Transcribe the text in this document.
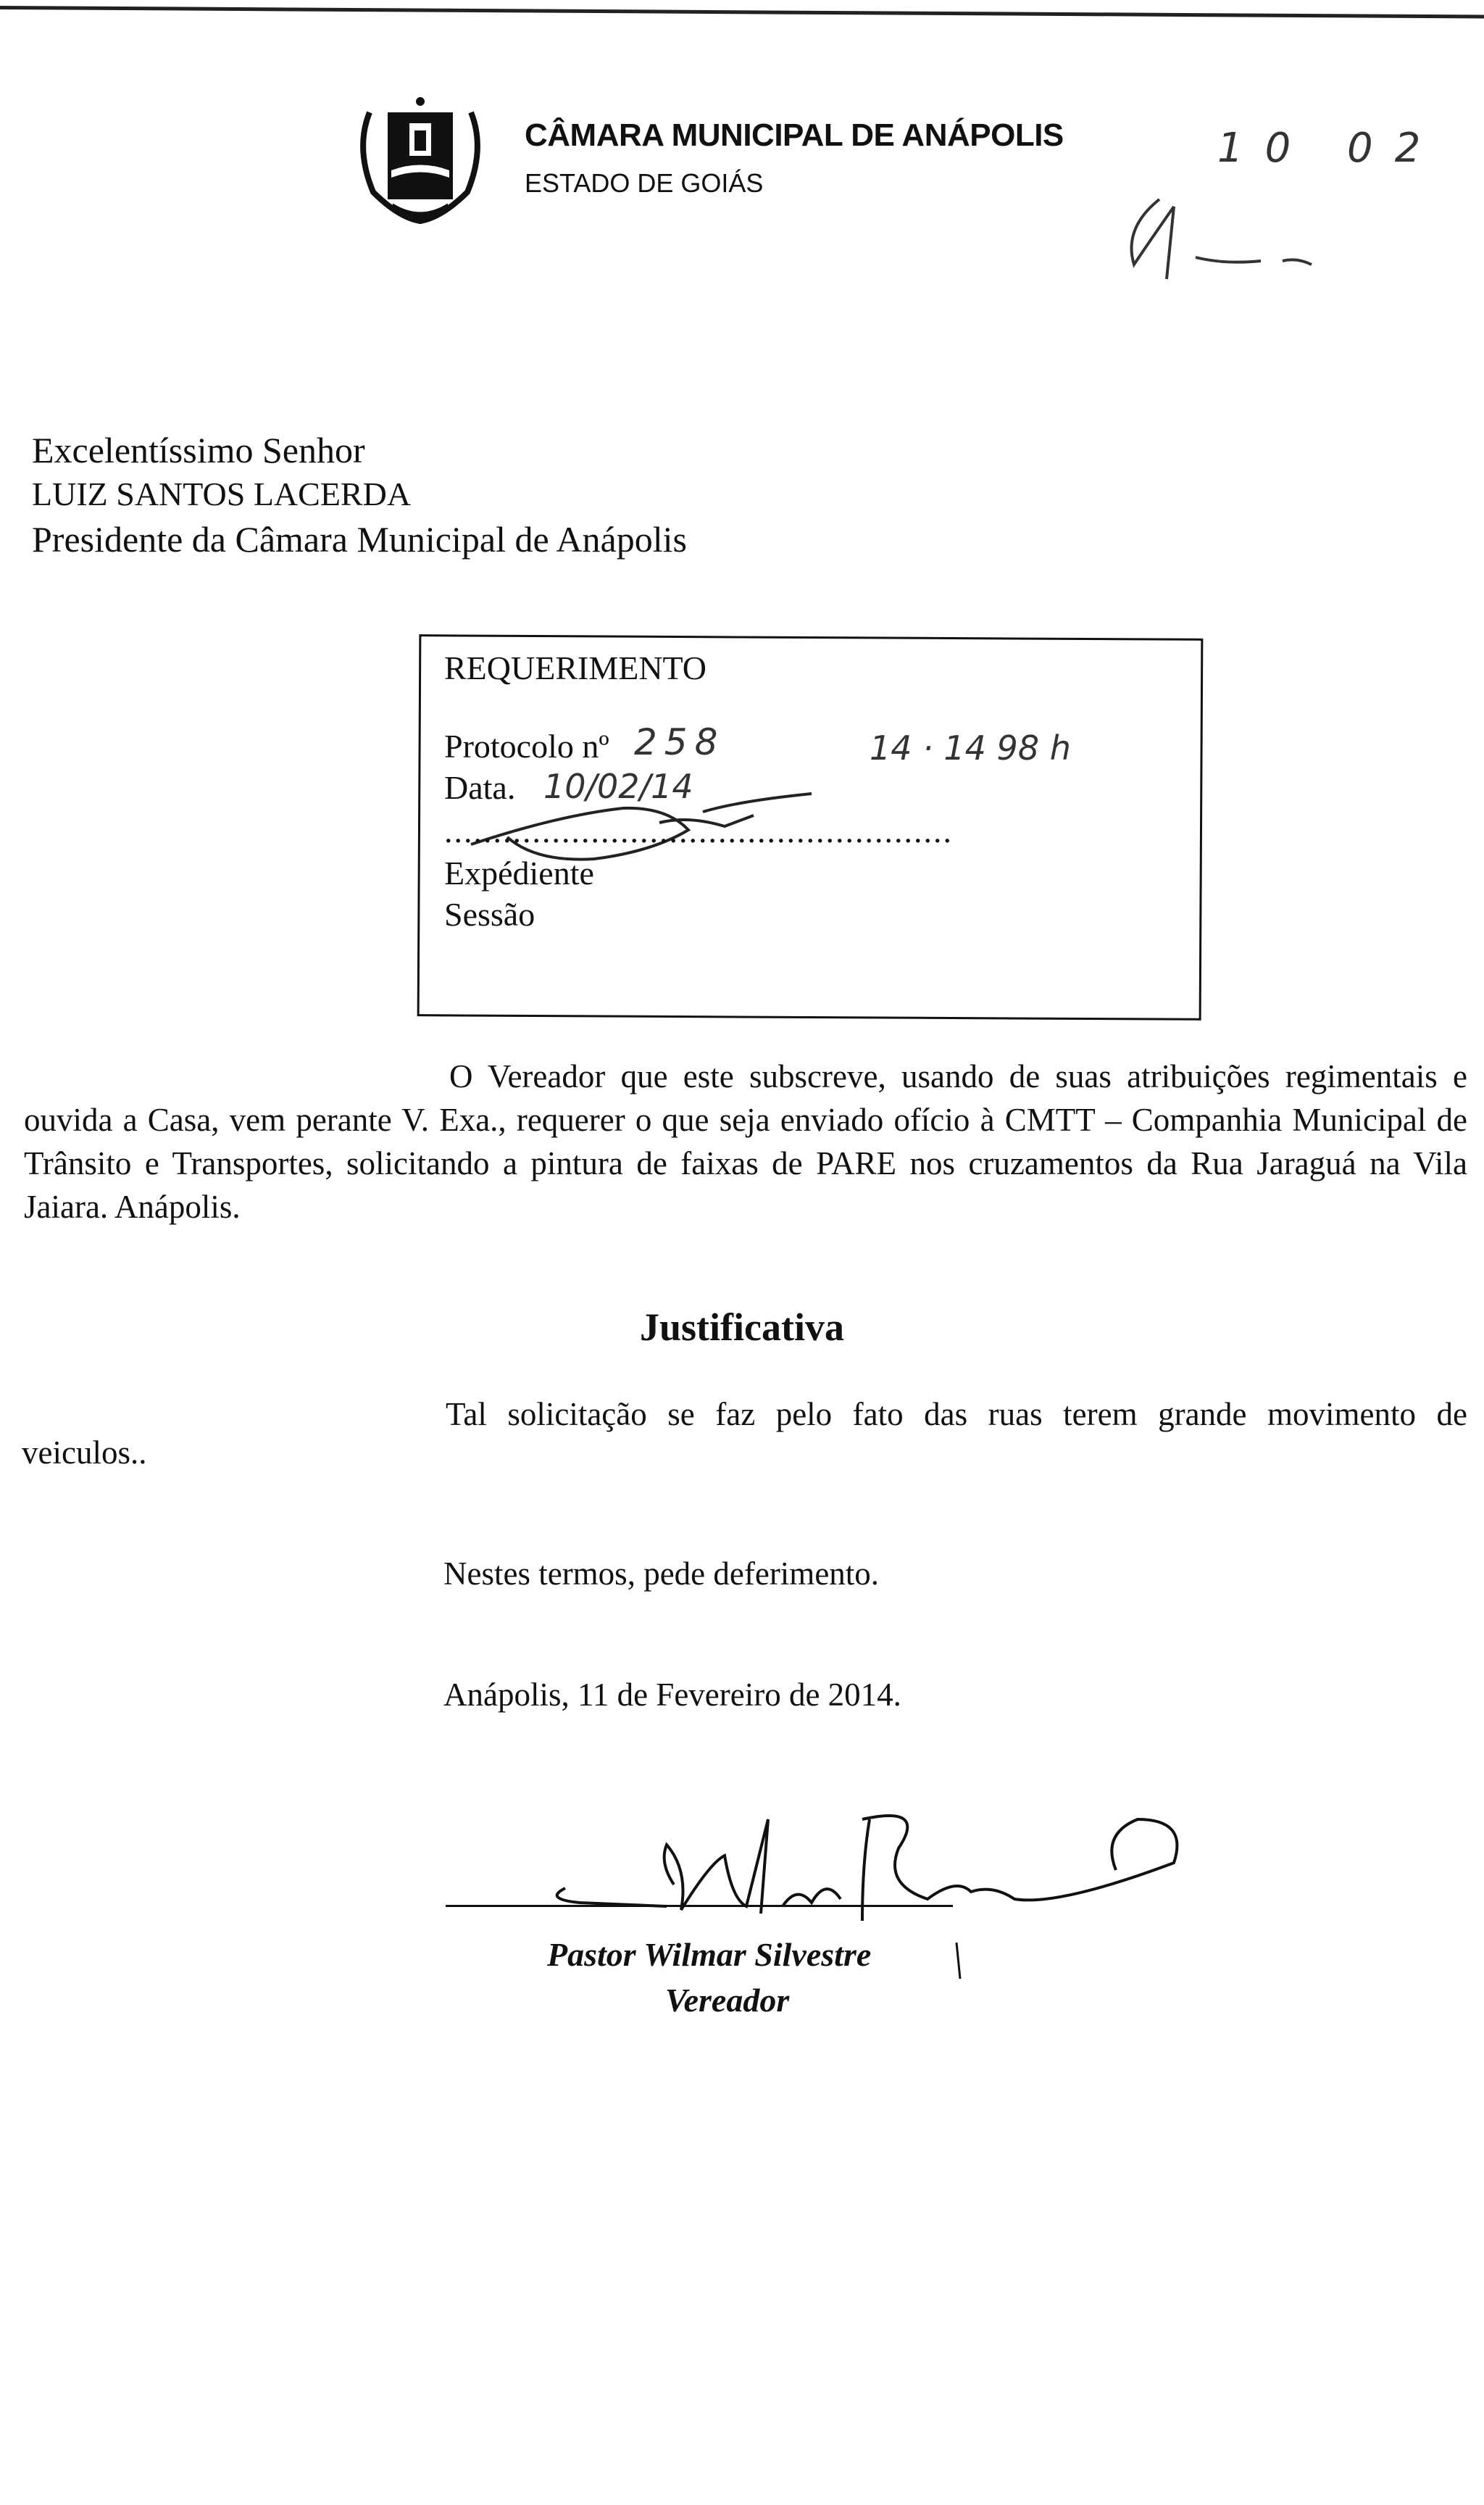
CÂMARA MUNICIPAL DE ANÁPOLIS
ESTADO DE GOIÁS
10 02
Excelentíssimo Senhor
LUIZ SANTOS LACERDA
Presidente da Câmara Municipal de Anápolis
REQUERIMENTO
Protocolo nº 258	14 · 14 98 h
Data. 10/02/14
....................................................
Expédiente
Sessão
O Vereador que este subscreve, usando de suas atribuições regimentais e ouvida a Casa, vem perante V. Exa., requerer o que seja enviado ofício à CMTT – Companhia Municipal de Trânsito e Transportes, solicitando a pintura de faixas de PARE nos cruzamentos da Rua Jaraguá na Vila Jaiara. Anápolis.
Justificativa
Tal solicitação se faz pelo fato das ruas terem grande movimento de
veiculos..
Nestes termos, pede deferimento.
Anápolis, 11 de Fevereiro de 2014.
Pastor Wilmar Silvestre
Vereador
